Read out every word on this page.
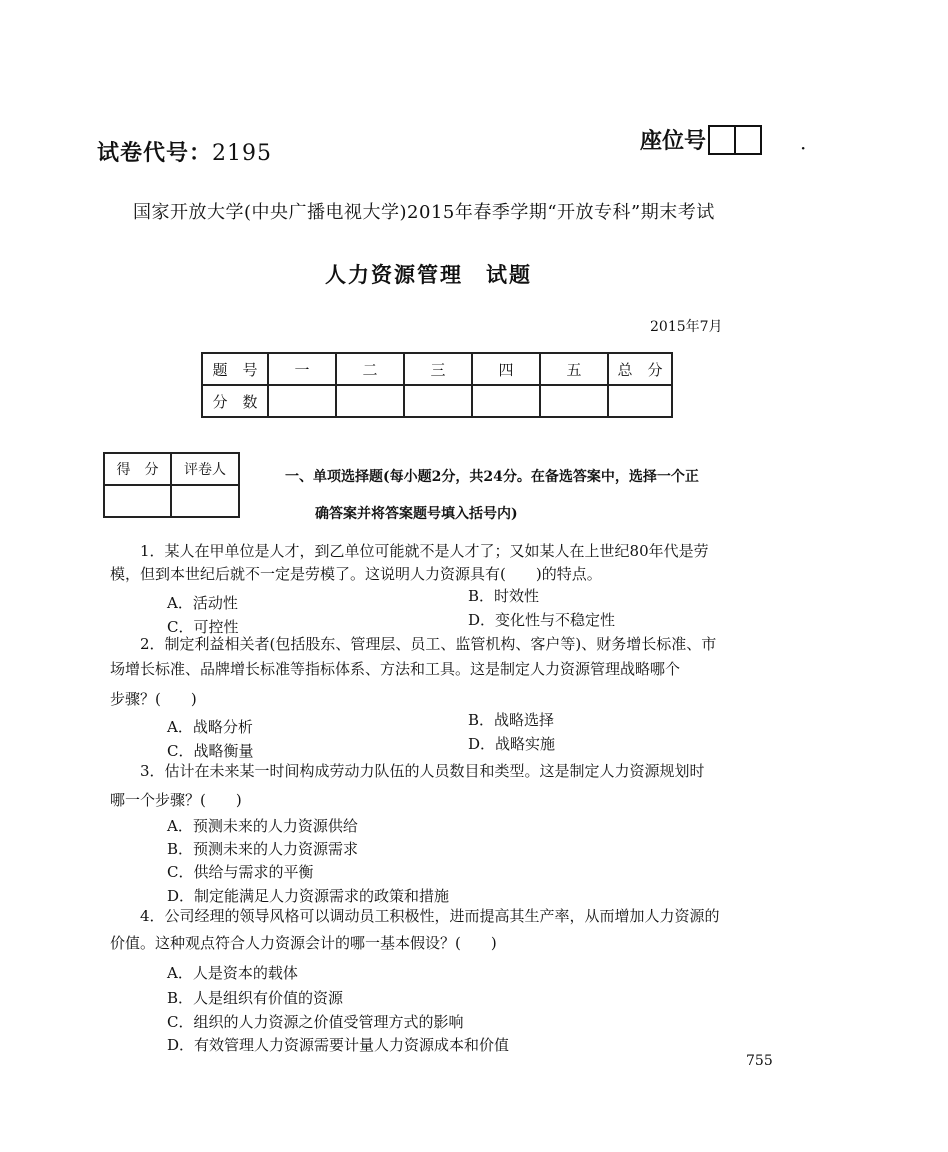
试卷代号：2195	座位号	·
国家开放大学(中央广播电视大学)2015年春季学期“开放专科”期末考试
人力资源管理　试题
2015年7月
题　号	一	二	三	四	五	总　分
分　数						
得　分	评卷人
		一、单项选择题(每小题2分，共24分。在备选答案中，选择一个正
确答案并将答案题号填入括号内)
1．某人在甲单位是人才，到乙单位可能就不是人才了；又如某人在上世纪80年代是劳
模，但到本世纪后就不一定是劳模了。这说明人力资源具有(　　)的特点。
A．活动性	B．时效性
C．可控性	D．变化性与不稳定性
2．制定利益相关者(包括股东、管理层、员工、监管机构、客户等)、财务增长标准、市
场增长标准、品牌增长标准等指标体系、方法和工具。这是制定人力资源管理战略哪个
步骤？(　　)
A．战略分析	B．战略选择
C．战略衡量	D．战略实施
3．估计在未来某一时间构成劳动力队伍的人员数目和类型。这是制定人力资源规划时
哪一个步骤？(　　)
A．预测未来的人力资源供给
B．预测未来的人力资源需求
C．供给与需求的平衡
D．制定能满足人力资源需求的政策和措施
4．公司经理的领导风格可以调动员工积极性，进而提高其生产率，从而增加人力资源的
价值。这种观点符合人力资源会计的哪一基本假设？(　　)
A．人是资本的载体
B．人是组织有价值的资源
C．组织的人力资源之价值受管理方式的影响
D．有效管理人力资源需要计量人力资源成本和价值
755
